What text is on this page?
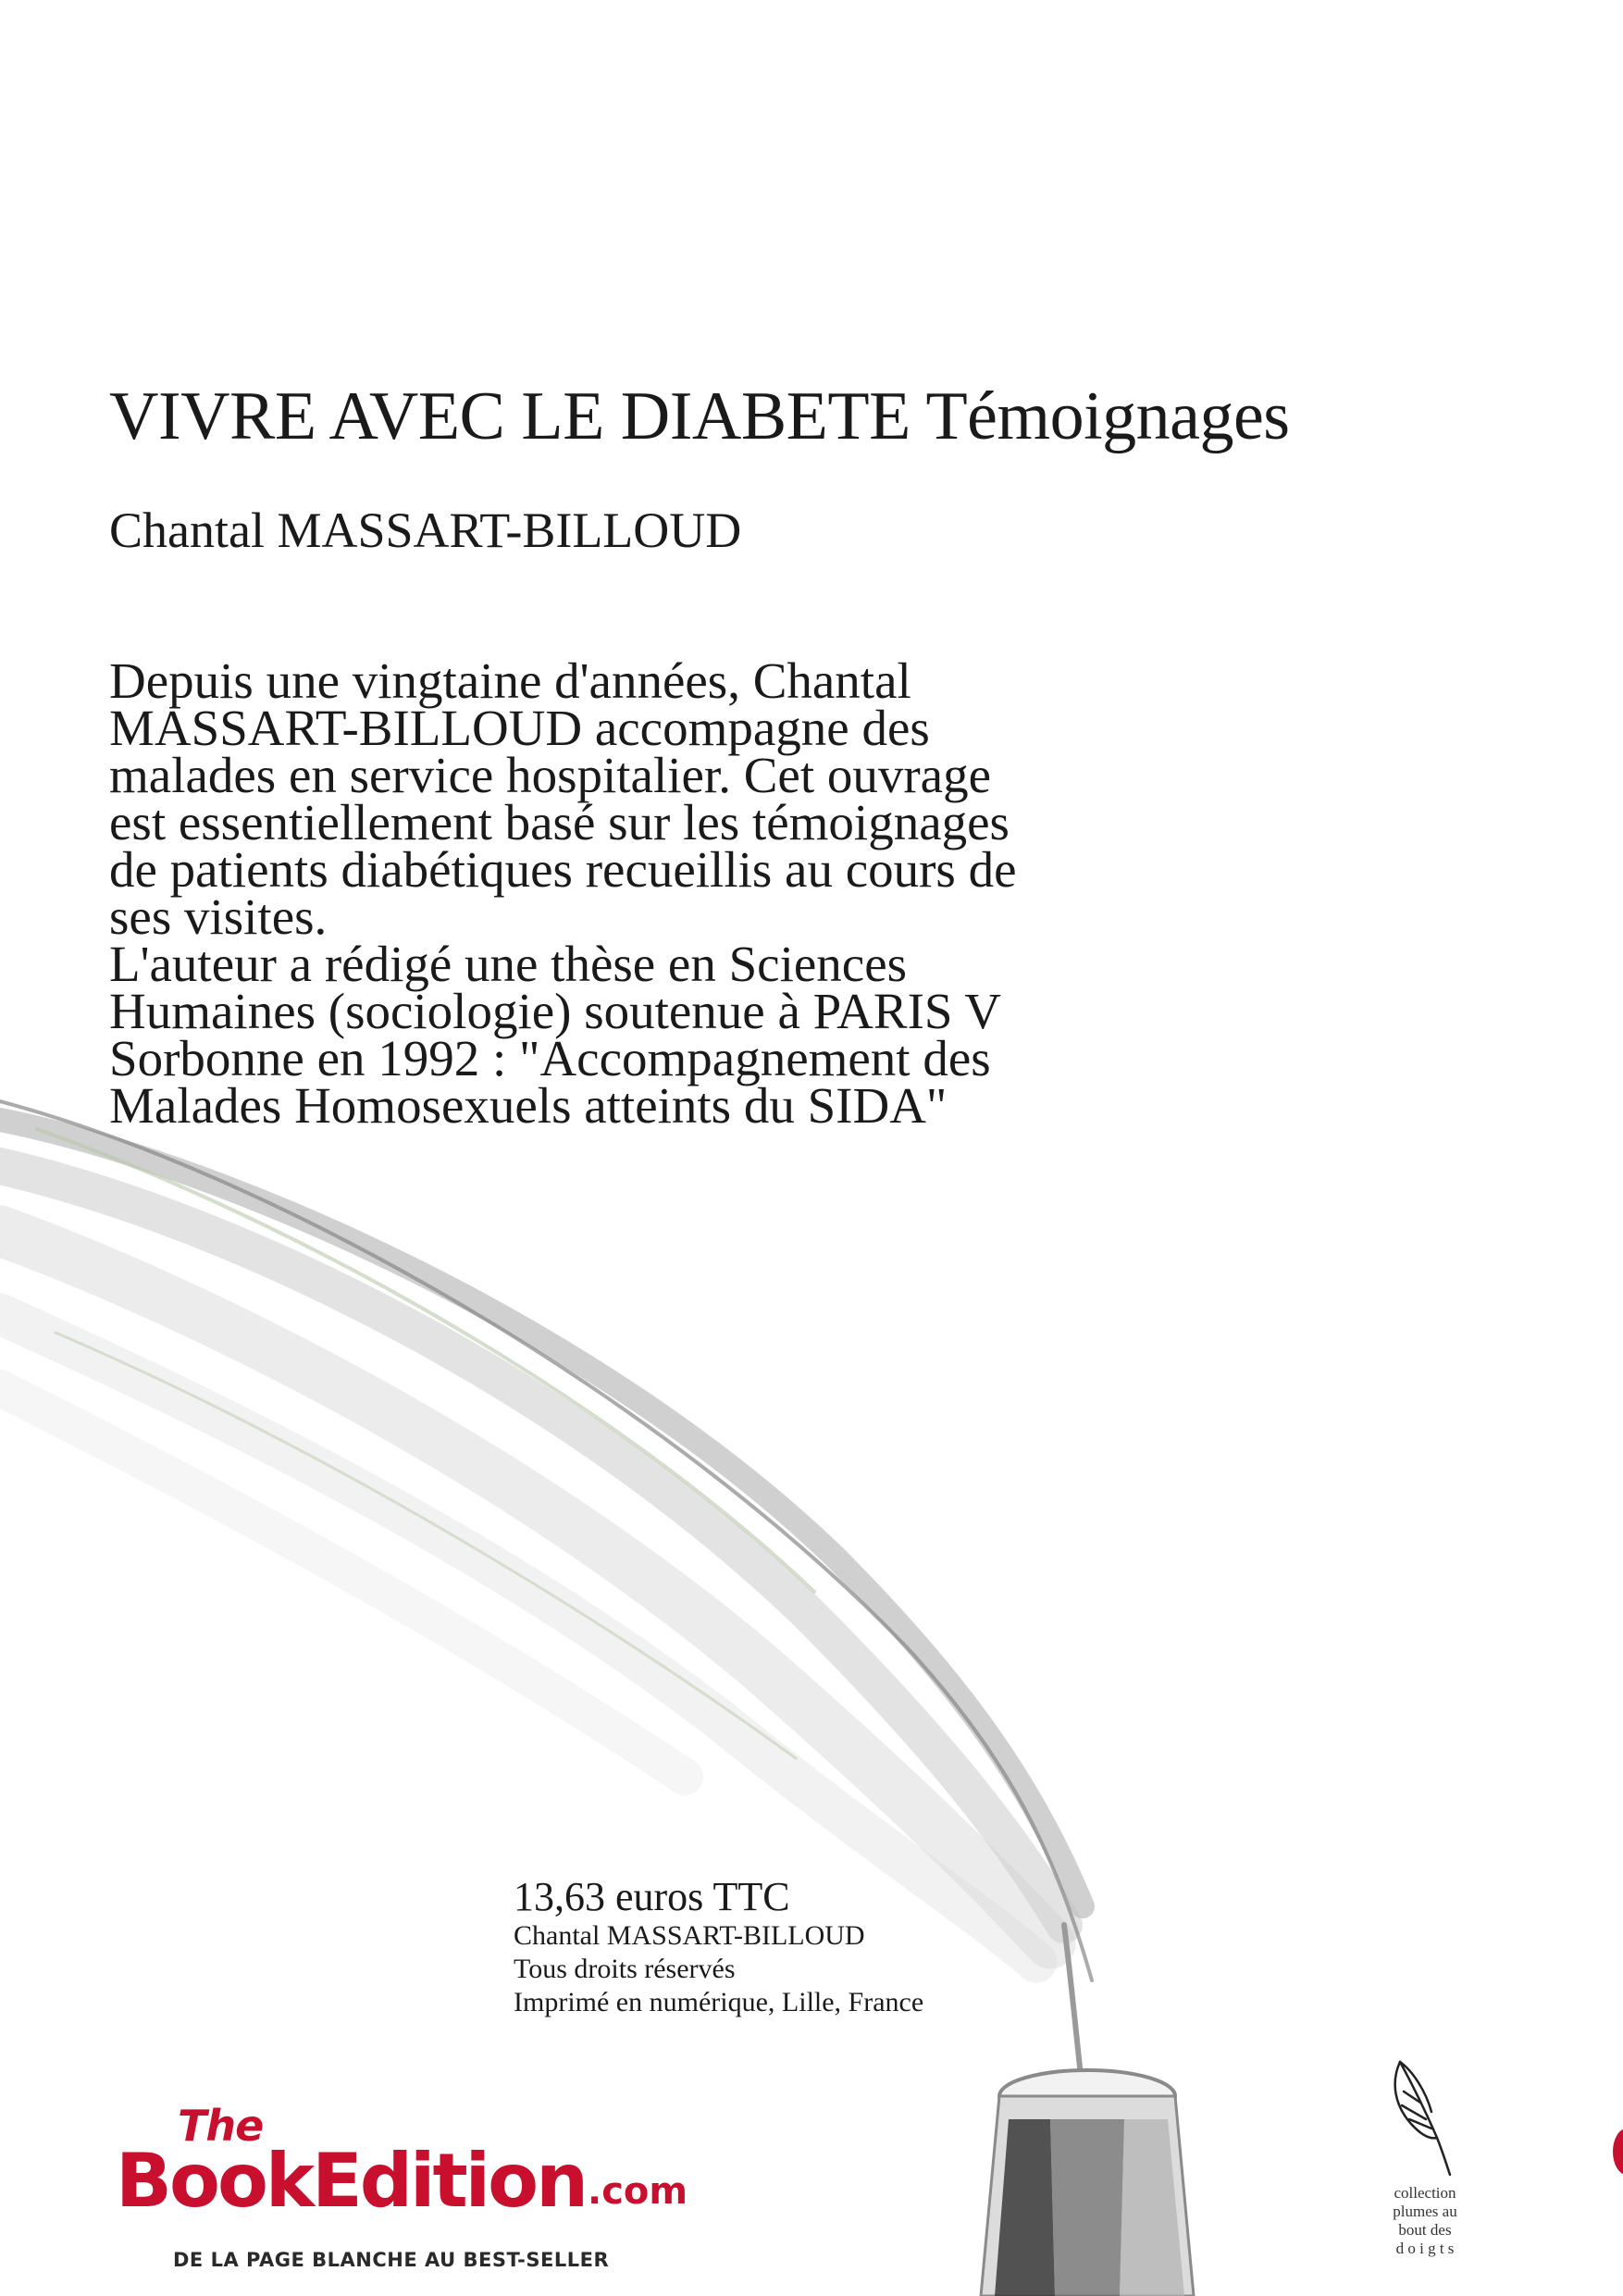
VIVRE AVEC LE DIABETE Témoignages
Chantal MASSART-BILLOUD

Depuis une vingtaine d'années, Chantal

MASSART-BILLOUD accompagne des

malades en service hospitalier. Cet ouvrage

est essentiellement basé sur les témoignages

de patients diabétiques recueillis au cours de

ses visites.

L'auteur a rédigé une thèse en Sciences

Humaines (sociologie) soutenue à PARIS V

Sorbonne en 1992 : "Accompagnement des

Malades Homosexuels atteints du SIDA"

13,63 euros TTC
Chantal MASSART-BILLOUD
Tous droits réservés
Imprimé en numérique, Lille, France
The
BookEdition .com
DE LA PAGE BLANCHE AU BEST-SELLER
collection
plumes au
bout des
d o i g t s
